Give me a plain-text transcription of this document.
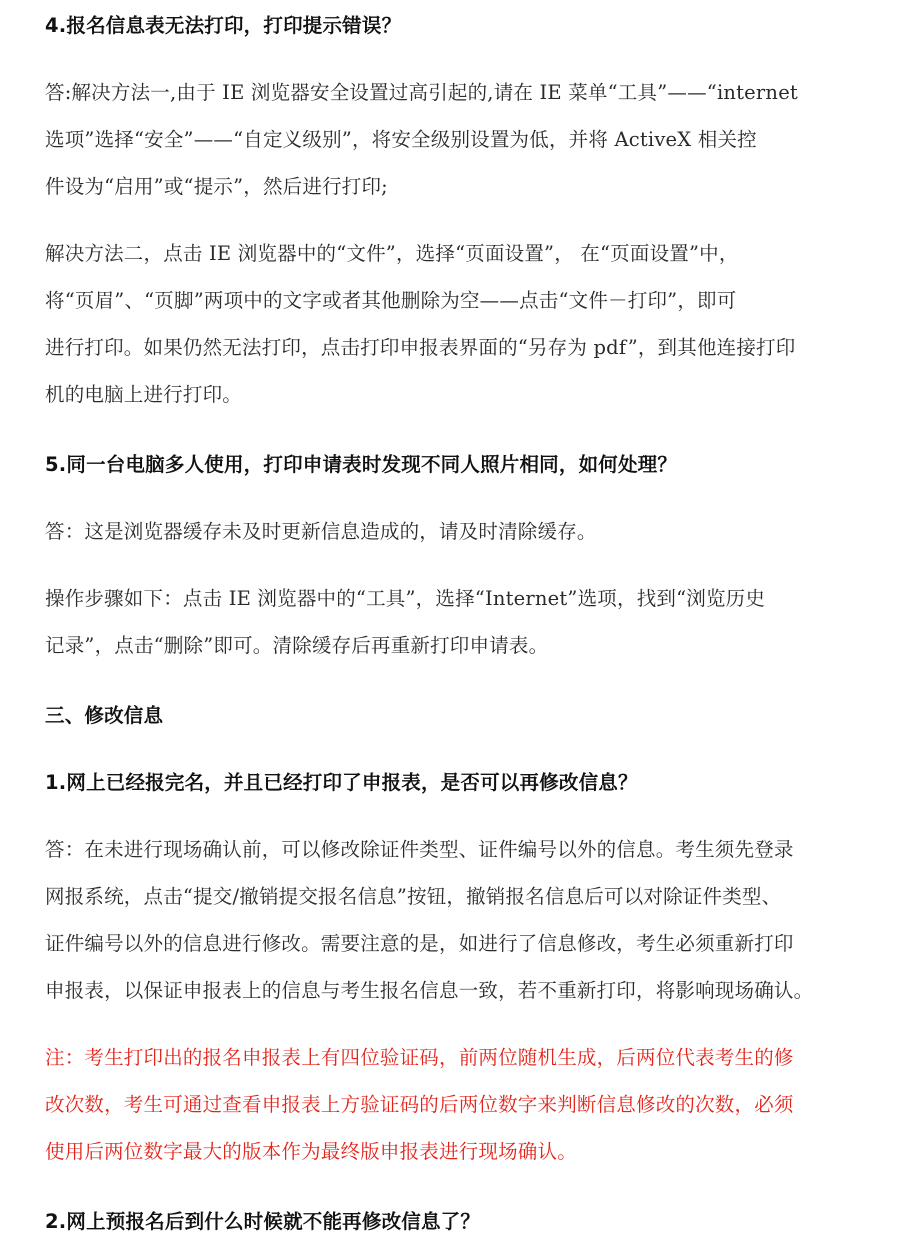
4.报名信息表无法打印，打印提示错误？
答:解决方法一,由于 IE 浏览器安全设置过高引起的,请在 IE 菜单“工具”——“internet
选项”选择“安全”——“自定义级别”，将安全级别设置为低，并将 ActiveX 相关控
件设为“启用”或“提示”，然后进行打印;
解决方法二，点击 IE 浏览器中的“文件”，选择“页面设置”， 在“页面设置”中，
将“页眉”、“页脚”两项中的文字或者其他删除为空——点击“文件－打印”，即可
进行打印。如果仍然无法打印，点击打印申报表界面的“另存为 pdf”，到其他连接打印
机的电脑上进行打印。
5.同一台电脑多人使用，打印申请表时发现不同人照片相同，如何处理？
答：这是浏览器缓存未及时更新信息造成的，请及时清除缓存。
操作步骤如下：点击 IE 浏览器中的“工具”，选择“Internet”选项，找到“浏览历史
记录”，点击“删除”即可。清除缓存后再重新打印申请表。
三、修改信息
1.网上已经报完名，并且已经打印了申报表，是否可以再修改信息？
答：在未进行现场确认前，可以修改除证件类型、证件编号以外的信息。考生须先登录
网报系统，点击“提交/撤销提交报名信息”按钮，撤销报名信息后可以对除证件类型、
证件编号以外的信息进行修改。需要注意的是，如进行了信息修改，考生必须重新打印
申报表，以保证申报表上的信息与考生报名信息一致，若不重新打印，将影响现场确认。
注：考生打印出的报名申报表上有四位验证码，前两位随机生成，后两位代表考生的修
改次数，考生可通过查看申报表上方验证码的后两位数字来判断信息修改的次数，必须
使用后两位数字最大的版本作为最终版申报表进行现场确认。
2.网上预报名后到什么时候就不能再修改信息了？
